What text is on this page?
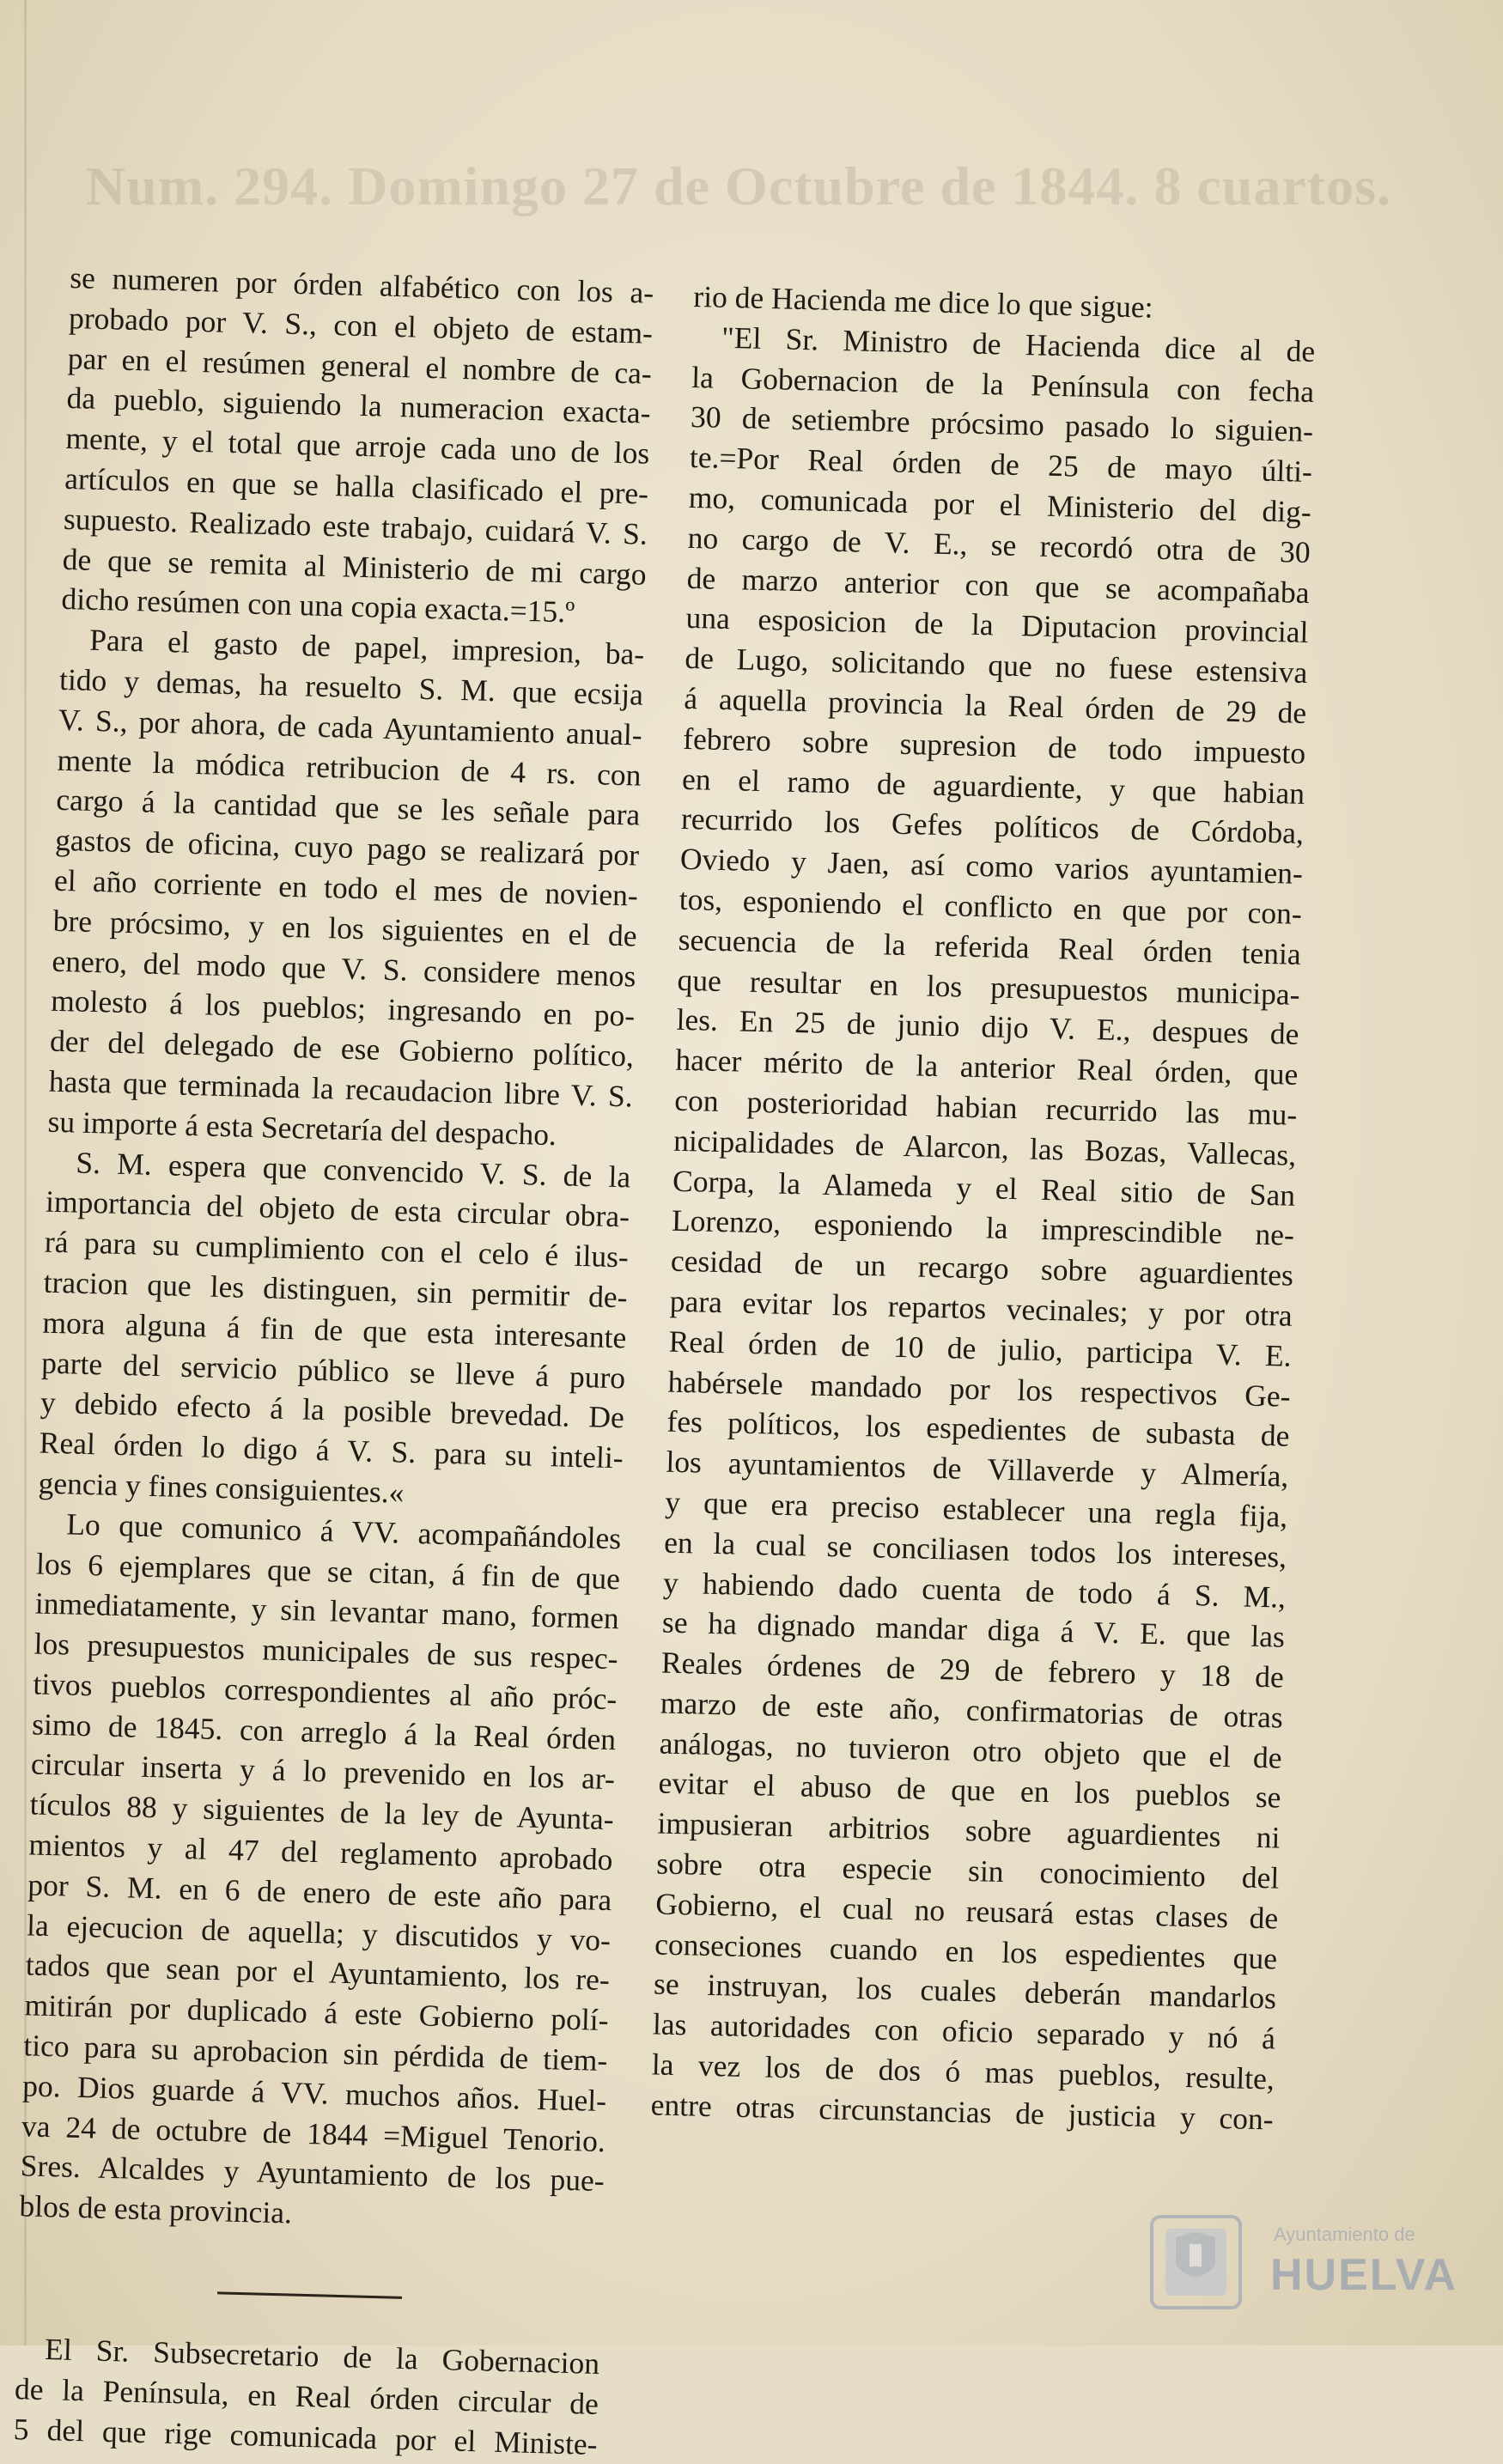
Num. 294. Domingo 27 de Octubre de 1844. 8 cuartos.
se numeren por órden alfabético con los a-
probado por V. S., con el objeto de estam-
par en el resúmen general el nombre de ca-
da pueblo, siguiendo la numeracion exacta-
mente, y el total que arroje cada uno de los
artículos en que se halla clasificado el pre-
supuesto. Realizado este trabajo, cuidará V. S.
de que se remita al Ministerio de mi cargo
dicho resúmen con una copia exacta.=15.º
Para el gasto de papel, impresion, ba-
tido y demas, ha resuelto S. M. que ecsija
V. S., por ahora, de cada Ayuntamiento anual-
mente la módica retribucion de 4 rs. con
cargo á la cantidad que se les señale para
gastos de oficina, cuyo pago se realizará por
el año corriente en todo el mes de novien-
bre prócsimo, y en los siguientes en el de
enero, del modo que V. S. considere menos
molesto á los pueblos; ingresando en po-
der del delegado de ese Gobierno político,
hasta que terminada la recaudacion libre V. S.
su importe á esta Secretaría del despacho.
S. M. espera que convencido V. S. de la
importancia del objeto de esta circular obra-
rá para su cumplimiento con el celo é ilus-
tracion que les distinguen, sin permitir de-
mora alguna á fin de que esta interesante
parte del servicio público se lleve á puro
y debido efecto á la posible brevedad. De
Real órden lo digo á V. S. para su inteli-
gencia y fines consiguientes.«
Lo que comunico á VV. acompañándoles
los 6 ejemplares que se citan, á fin de que
inmediatamente, y sin levantar mano, formen
los presupuestos municipales de sus respec-
tivos pueblos correspondientes al año próc-
simo de 1845. con arreglo á la Real órden
circular inserta y á lo prevenido en los ar-
tículos 88 y siguientes de la ley de Ayunta-
mientos y al 47 del reglamento aprobado
por S. M. en 6 de enero de este año para
la ejecucion de aquella; y discutidos y vo-
tados que sean por el Ayuntamiento, los re-
mitirán por duplicado á este Gobierno polí-
tico para su aprobacion sin pérdida de tiem-
po. Dios guarde á VV. muchos años. Huel-
va 24 de octubre de 1844 =Miguel Tenorio.
Sres. Alcaldes y Ayuntamiento de los pue-
blos de esta provincia.
El Sr. Subsecretario de la Gobernacion
de la Península, en Real órden circular de
5 del que rige comunicada por el Ministe-
rio de Hacienda me dice lo que sigue:
"El Sr. Ministro de Hacienda dice al de
la Gobernacion de la Península con fecha
30 de setiembre prócsimo pasado lo siguien-
te.=Por Real órden de 25 de mayo últi-
mo, comunicada por el Ministerio del dig-
no cargo de V. E., se recordó otra de 30
de marzo anterior con que se acompañaba
una esposicion de la Diputacion provincial
de Lugo, solicitando que no fuese estensiva
á aquella provincia la Real órden de 29 de
febrero sobre supresion de todo impuesto
en el ramo de aguardiente, y que habian
recurrido los Gefes políticos de Córdoba,
Oviedo y Jaen, así como varios ayuntamien-
tos, esponiendo el conflicto en que por con-
secuencia de la referida Real órden tenia
que resultar en los presupuestos municipa-
les. En 25 de junio dijo V. E., despues de
hacer mérito de la anterior Real órden, que
con posterioridad habian recurrido las mu-
nicipalidades de Alarcon, las Bozas, Vallecas,
Corpa, la Alameda y el Real sitio de San
Lorenzo, esponiendo la imprescindible ne-
cesidad de un recargo sobre aguardientes
para evitar los repartos vecinales; y por otra
Real órden de 10 de julio, participa V. E.
habérsele mandado por los respectivos Ge-
fes políticos, los espedientes de subasta de
los ayuntamientos de Villaverde y Almería,
y que era preciso establecer una regla fija,
en la cual se conciliasen todos los intereses,
y habiendo dado cuenta de todo á S. M.,
se ha dignado mandar diga á V. E. que las
Reales órdenes de 29 de febrero y 18 de
marzo de este año, confirmatorias de otras
análogas, no tuvieron otro objeto que el de
evitar el abuso de que en los pueblos se
impusieran arbitrios sobre aguardientes ni
sobre otra especie sin conocimiento del
Gobierno, el cual no reusará estas clases de
conseciones cuando en los espedientes que
se instruyan, los cuales deberán mandarlos
las autoridades con oficio separado y nó á
la vez los de dos ó mas pueblos, resulte,
entre otras circunstancias de justicia y con-
Ayuntamiento de
HUELVA
